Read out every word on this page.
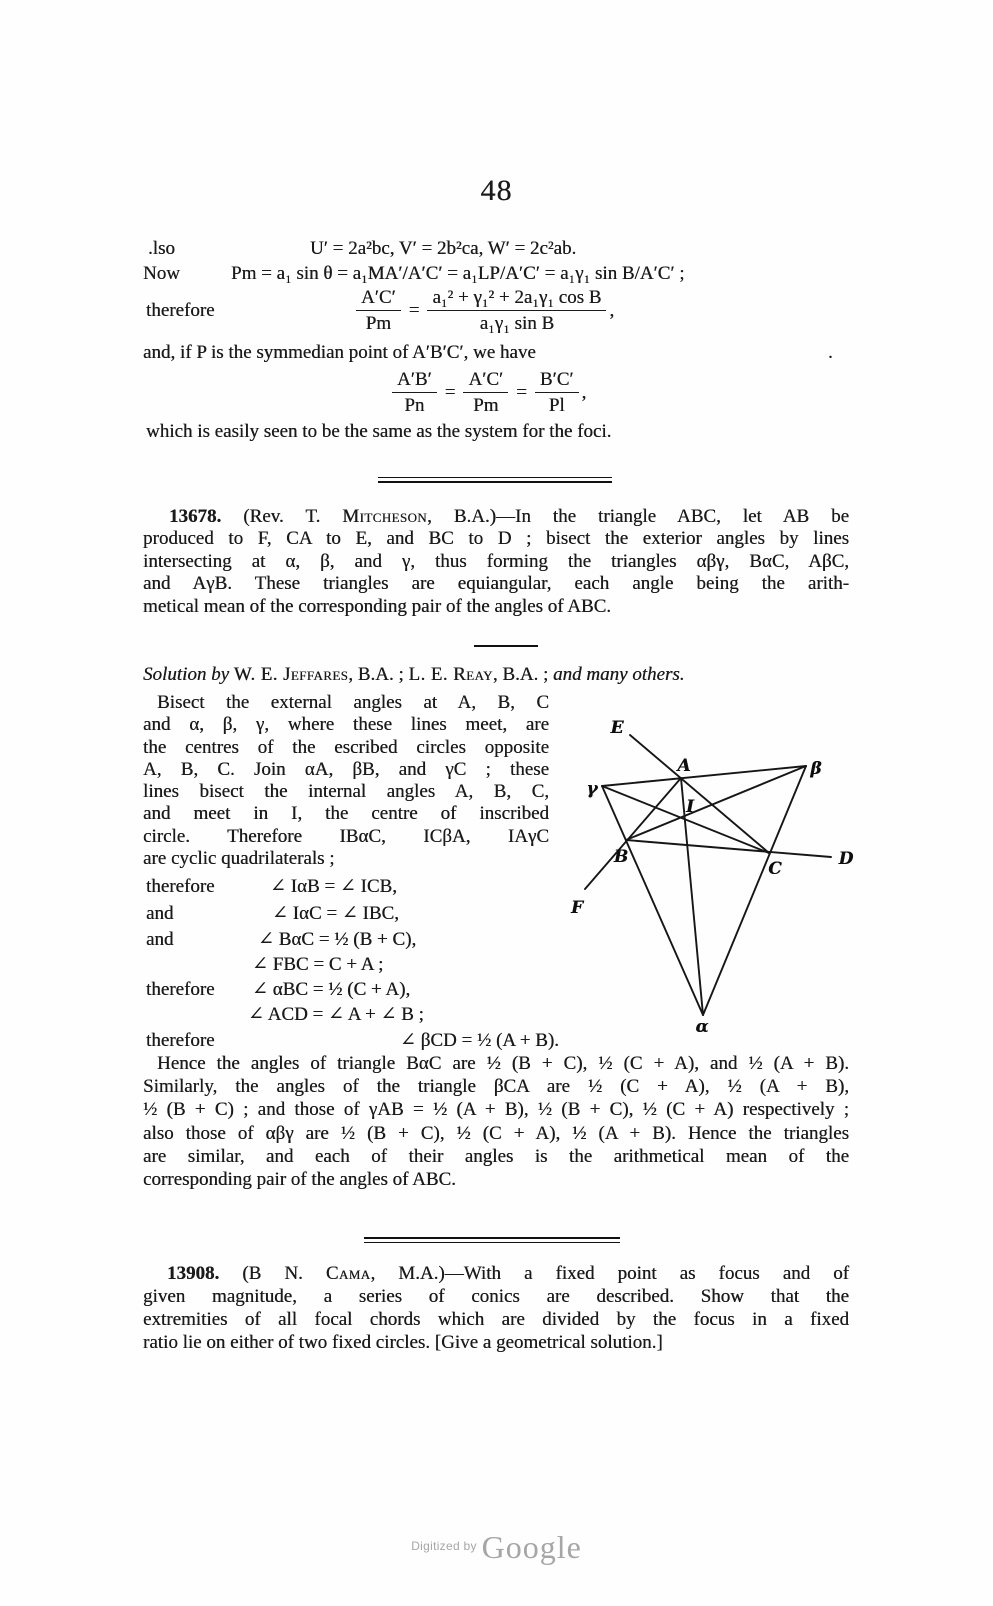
48
.lso	U′ = 2a²bc, V′ = 2b²ca, W′ = 2c²ab.
Now	Pm = a₁ sin θ = a₁MA′/A′C′ = a₁LP/A′C′ = a₁γ₁ sin B/A′C′ ;
therefore	$\frac{A'C'}{Pm} = \frac{\text{a₁² + γ₁² + 2a₁γ₁ cos B}}{\text{a₁γ₁ sin B}}$ ,
and, if P is the symmedian point of A′B′C′, we have	.
$\frac{A'B'}{Pn} = \frac{A'C'}{Pm} = \frac{B'C'}{Pl}$ ,
which is easily seen to be the same as the system for the foci.
13678. (Rev. T. Mitcheson, B.A.)—In the triangle ABC, let AB be
produced to F, CA to E, and BC to D ; bisect the exterior angles by lines
intersecting at α, β, and γ, thus forming the triangles αβγ, BαC, AβC,
and AγB. These triangles are equiangular, each angle being the arith-
metical mean of the corresponding pair of the angles of ABC.
Solution by W. E. Jeffares, B.A. ; L. E. Reay, B.A. ; and many others.
Bisect the external angles at A, B, C
and α, β, γ, where these lines meet, are
the centres of the escribed circles opposite
A, B, C. Join αA, βB, and γC ; these
lines bisect the internal angles A, B, C,
and meet in I, the centre of inscribed
circle. Therefore IBαC, ICβA, IAγC
are cyclic quadrilaterals ;
therefore	∠ IαB = ∠ ICB,
and	∠ IαC = ∠ IBC,
and	∠ BαC = ½ (B + C),
∠ FBC = C + A ;
therefore ∠ αBC = ½ (C + A),
∠ ACD = ∠ A + ∠ B ;
therefore	∠ βCD = ½ (A + B).
Hence the angles of triangle BαC are ½ (B + C), ½ (C + A), and ½ (A + B).
Similarly, the angles of the triangle βCA are ½ (C + A), ½ (A + B),
½ (B + C) ; and those of γAB = ½ (A + B), ½ (B + C), ½ (C + A) respectively ;
also those of αβγ are ½ (B + C), ½ (C + A), ½ (A + B). Hence the triangles
are similar, and each of their angles is the arithmetical mean of the
corresponding pair of the angles of ABC.
E
A	β
γ
I
B
C	D
F
α
13908. (B N. Cama, M.A.)—With a fixed point as focus and of
given magnitude, a series of conics are described. Show that the
extremities of all focal chords which are divided by the focus in a fixed
ratio lie on either of two fixed circles. [Give a geometrical solution.]
$^{Digitized by}$ Google
